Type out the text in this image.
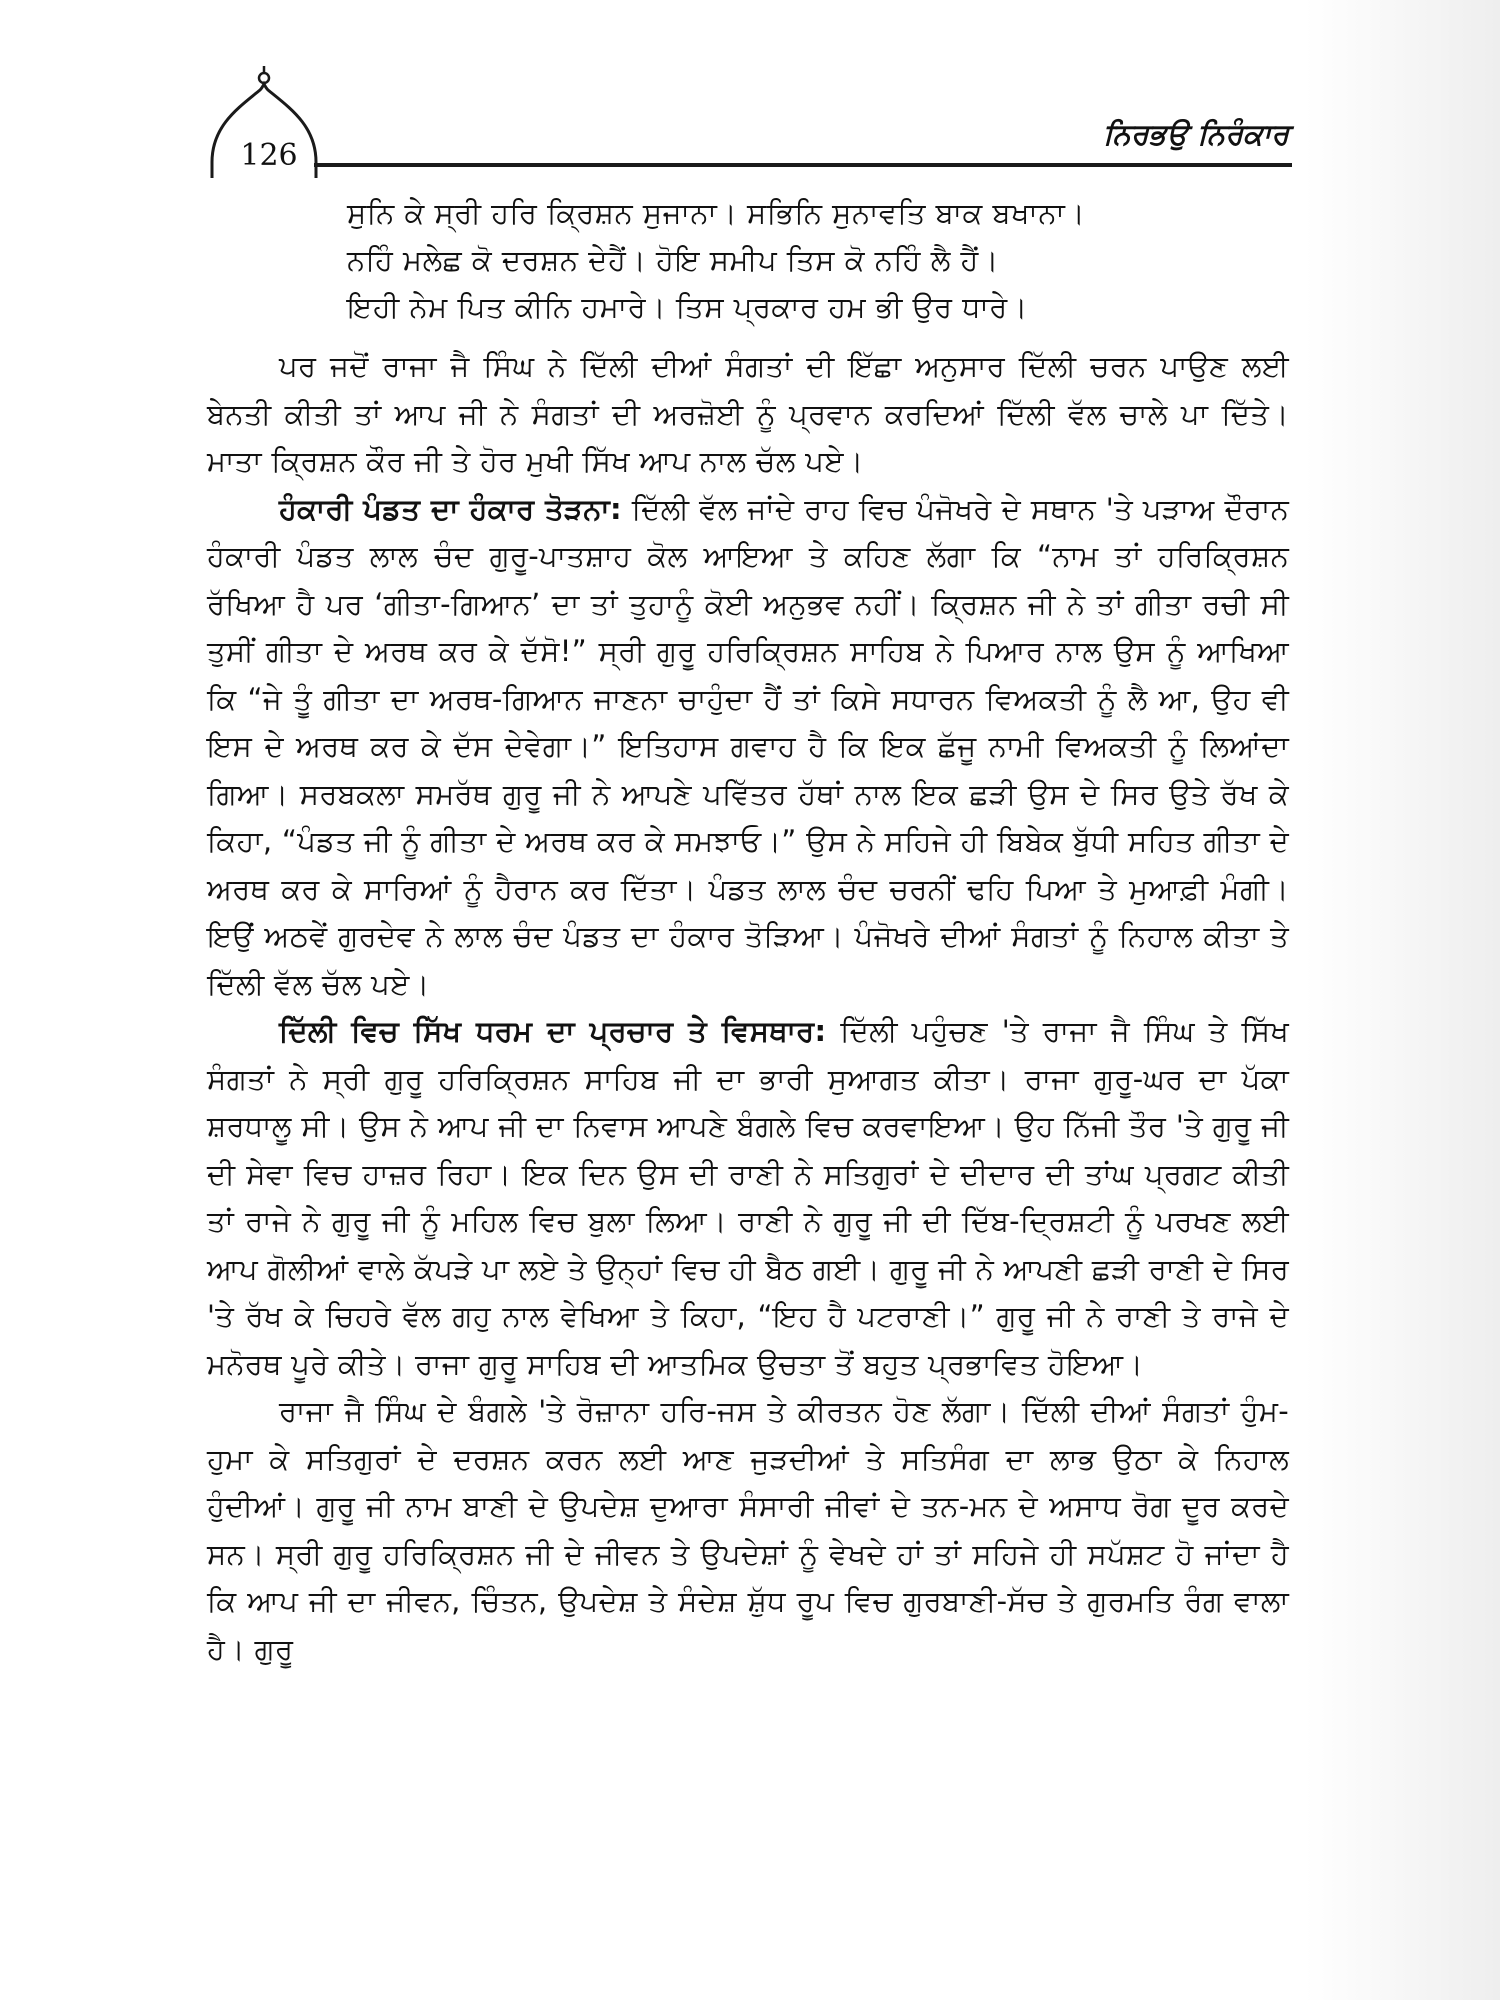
126
ਨਿਰਭਉ ਨਿਰੰਕਾਰ
ਸੁਨਿ ਕੇ ਸ੍ਰੀ ਹਰਿ ਕ੍ਰਿਸ਼ਨ ਸੁਜਾਨਾ। ਸਭਿਨਿ ਸੁਨਾਵਤਿ ਬਾਕ ਬਖਾਨਾ।
ਨਹਿੰ ਮਲੇਛ ਕੋ ਦਰਸ਼ਨ ਦੇਹੈਂ। ਹੋਇ ਸਮੀਪ ਤਿਸ ਕੋ ਨਹਿੰ ਲੈ ਹੈਂ।
ਇਹੀ ਨੇਮ ਪਿਤ ਕੀਨਿ ਹਮਾਰੇ। ਤਿਸ ਪ੍ਰਕਾਰ ਹਮ ਭੀ ਉਰ ਧਾਰੇ।

ਪਰ ਜਦੋਂ ਰਾਜਾ ਜੈ ਸਿੰਘ ਨੇ ਦਿੱਲੀ ਦੀਆਂ ਸੰਗਤਾਂ ਦੀ ਇੱਛਾ ਅਨੁਸਾਰ ਦਿੱਲੀ ਚਰਨ ਪਾਉਣ ਲਈ ਬੇਨਤੀ ਕੀਤੀ ਤਾਂ ਆਪ ਜੀ ਨੇ ਸੰਗਤਾਂ ਦੀ ਅਰਜ਼ੋਈ ਨੂੰ ਪ੍ਰਵਾਨ ਕਰਦਿਆਂ ਦਿੱਲੀ ਵੱਲ ਚਾਲੇ ਪਾ ਦਿੱਤੇ। ਮਾਤਾ ਕ੍ਰਿਸ਼ਨ ਕੌਰ ਜੀ ਤੇ ਹੋਰ ਮੁਖੀ ਸਿੱਖ ਆਪ ਨਾਲ ਚੱਲ ਪਏ।

ਹੰਕਾਰੀ ਪੰਡਤ ਦਾ ਹੰਕਾਰ ਤੋੜਨਾ: ਦਿੱਲੀ ਵੱਲ ਜਾਂਦੇ ਰਾਹ ਵਿਚ ਪੰਜੋਖਰੇ ਦੇ ਸਥਾਨ 'ਤੇ ਪੜਾਅ ਦੌਰਾਨ ਹੰਕਾਰੀ ਪੰਡਤ ਲਾਲ ਚੰਦ ਗੁਰੂ-ਪਾਤਸ਼ਾਹ ਕੋਲ ਆਇਆ ਤੇ ਕਹਿਣ ਲੱਗਾ ਕਿ “ਨਾਮ ਤਾਂ ਹਰਿਕ੍ਰਿਸ਼ਨ ਰੱਖਿਆ ਹੈ ਪਰ ‘ਗੀਤਾ-ਗਿਆਨ’ ਦਾ ਤਾਂ ਤੁਹਾਨੂੰ ਕੋਈ ਅਨੁਭਵ ਨਹੀਂ। ਕ੍ਰਿਸ਼ਨ ਜੀ ਨੇ ਤਾਂ ਗੀਤਾ ਰਚੀ ਸੀ ਤੁਸੀਂ ਗੀਤਾ ਦੇ ਅਰਥ ਕਰ ਕੇ ਦੱਸੋ!” ਸ੍ਰੀ ਗੁਰੂ ਹਰਿਕ੍ਰਿਸ਼ਨ ਸਾਹਿਬ ਨੇ ਪਿਆਰ ਨਾਲ ਉਸ ਨੂੰ ਆਖਿਆ ਕਿ “ਜੇ ਤੂੰ ਗੀਤਾ ਦਾ ਅਰਥ-ਗਿਆਨ ਜਾਣਨਾ ਚਾਹੁੰਦਾ ਹੈਂ ਤਾਂ ਕਿਸੇ ਸਧਾਰਨ ਵਿਅਕਤੀ ਨੂੰ ਲੈ ਆ, ਉਹ ਵੀ ਇਸ ਦੇ ਅਰਥ ਕਰ ਕੇ ਦੱਸ ਦੇਵੇਗਾ।” ਇਤਿਹਾਸ ਗਵਾਹ ਹੈ ਕਿ ਇਕ ਛੱਜੂ ਨਾਮੀ ਵਿਅਕਤੀ ਨੂੰ ਲਿਆਂਦਾ ਗਿਆ। ਸਰਬਕਲਾ ਸਮਰੱਥ ਗੁਰੂ ਜੀ ਨੇ ਆਪਣੇ ਪਵਿੱਤਰ ਹੱਥਾਂ ਨਾਲ ਇਕ ਛੜੀ ਉਸ ਦੇ ਸਿਰ ਉਤੇ ਰੱਖ ਕੇ ਕਿਹਾ, “ਪੰਡਤ ਜੀ ਨੂੰ ਗੀਤਾ ਦੇ ਅਰਥ ਕਰ ਕੇ ਸਮਝਾਓ।” ਉਸ ਨੇ ਸਹਿਜੇ ਹੀ ਬਿਬੇਕ ਬੁੱਧੀ ਸਹਿਤ ਗੀਤਾ ਦੇ ਅਰਥ ਕਰ ਕੇ ਸਾਰਿਆਂ ਨੂੰ ਹੈਰਾਨ ਕਰ ਦਿੱਤਾ। ਪੰਡਤ ਲਾਲ ਚੰਦ ਚਰਨੀਂ ਢਹਿ ਪਿਆ ਤੇ ਮੁਆਫ਼ੀ ਮੰਗੀ। ਇਉਂ ਅਠਵੇਂ ਗੁਰਦੇਵ ਨੇ ਲਾਲ ਚੰਦ ਪੰਡਤ ਦਾ ਹੰਕਾਰ ਤੋੜਿਆ। ਪੰਜੋਖਰੇ ਦੀਆਂ ਸੰਗਤਾਂ ਨੂੰ ਨਿਹਾਲ ਕੀਤਾ ਤੇ ਦਿੱਲੀ ਵੱਲ ਚੱਲ ਪਏ।

ਦਿੱਲੀ ਵਿਚ ਸਿੱਖ ਧਰਮ ਦਾ ਪ੍ਰਚਾਰ ਤੇ ਵਿਸਥਾਰ: ਦਿੱਲੀ ਪਹੁੰਚਣ 'ਤੇ ਰਾਜਾ ਜੈ ਸਿੰਘ ਤੇ ਸਿੱਖ ਸੰਗਤਾਂ ਨੇ ਸ੍ਰੀ ਗੁਰੂ ਹਰਿਕ੍ਰਿਸ਼ਨ ਸਾਹਿਬ ਜੀ ਦਾ ਭਾਰੀ ਸੁਆਗਤ ਕੀਤਾ। ਰਾਜਾ ਗੁਰੂ-ਘਰ ਦਾ ਪੱਕਾ ਸ਼ਰਧਾਲੂ ਸੀ। ਉਸ ਨੇ ਆਪ ਜੀ ਦਾ ਨਿਵਾਸ ਆਪਣੇ ਬੰਗਲੇ ਵਿਚ ਕਰਵਾਇਆ। ਉਹ ਨਿੱਜੀ ਤੌਰ 'ਤੇ ਗੁਰੂ ਜੀ ਦੀ ਸੇਵਾ ਵਿਚ ਹਾਜ਼ਰ ਰਿਹਾ। ਇਕ ਦਿਨ ਉਸ ਦੀ ਰਾਣੀ ਨੇ ਸਤਿਗੁਰਾਂ ਦੇ ਦੀਦਾਰ ਦੀ ਤਾਂਘ ਪ੍ਰਗਟ ਕੀਤੀ ਤਾਂ ਰਾਜੇ ਨੇ ਗੁਰੂ ਜੀ ਨੂੰ ਮਹਿਲ ਵਿਚ ਬੁਲਾ ਲਿਆ। ਰਾਣੀ ਨੇ ਗੁਰੂ ਜੀ ਦੀ ਦਿੱਬ-ਦ੍ਰਿਸ਼ਟੀ ਨੂੰ ਪਰਖਣ ਲਈ ਆਪ ਗੋਲੀਆਂ ਵਾਲੇ ਕੱਪੜੇ ਪਾ ਲਏ ਤੇ ਉਨ੍ਹਾਂ ਵਿਚ ਹੀ ਬੈਠ ਗਈ। ਗੁਰੂ ਜੀ ਨੇ ਆਪਣੀ ਛੜੀ ਰਾਣੀ ਦੇ ਸਿਰ 'ਤੇ ਰੱਖ ਕੇ ਚਿਹਰੇ ਵੱਲ ਗਹੁ ਨਾਲ ਵੇਖਿਆ ਤੇ ਕਿਹਾ, “ਇਹ ਹੈ ਪਟਰਾਣੀ।” ਗੁਰੂ ਜੀ ਨੇ ਰਾਣੀ ਤੇ ਰਾਜੇ ਦੇ ਮਨੋਰਥ ਪੂਰੇ ਕੀਤੇ। ਰਾਜਾ ਗੁਰੂ ਸਾਹਿਬ ਦੀ ਆਤਮਿਕ ਉਚਤਾ ਤੋਂ ਬਹੁਤ ਪ੍ਰਭਾਵਿਤ ਹੋਇਆ।

ਰਾਜਾ ਜੈ ਸਿੰਘ ਦੇ ਬੰਗਲੇ 'ਤੇ ਰੋਜ਼ਾਨਾ ਹਰਿ-ਜਸ ਤੇ ਕੀਰਤਨ ਹੋਣ ਲੱਗਾ। ਦਿੱਲੀ ਦੀਆਂ ਸੰਗਤਾਂ ਹੁੰਮ-ਹੁਮਾ ਕੇ ਸਤਿਗੁਰਾਂ ਦੇ ਦਰਸ਼ਨ ਕਰਨ ਲਈ ਆਣ ਜੁੜਦੀਆਂ ਤੇ ਸਤਿਸੰਗ ਦਾ ਲਾਭ ਉਠਾ ਕੇ ਨਿਹਾਲ ਹੁੰਦੀਆਂ। ਗੁਰੂ ਜੀ ਨਾਮ ਬਾਣੀ ਦੇ ਉਪਦੇਸ਼ ਦੁਆਰਾ ਸੰਸਾਰੀ ਜੀਵਾਂ ਦੇ ਤਨ-ਮਨ ਦੇ ਅਸਾਧ ਰੋਗ ਦੂਰ ਕਰਦੇ ਸਨ। ਸ੍ਰੀ ਗੁਰੂ ਹਰਿਕ੍ਰਿਸ਼ਨ ਜੀ ਦੇ ਜੀਵਨ ਤੇ ਉਪਦੇਸ਼ਾਂ ਨੂੰ ਵੇਖਦੇ ਹਾਂ ਤਾਂ ਸਹਿਜੇ ਹੀ ਸਪੱਸ਼ਟ ਹੋ ਜਾਂਦਾ ਹੈ ਕਿ ਆਪ ਜੀ ਦਾ ਜੀਵਨ, ਚਿੰਤਨ, ਉਪਦੇਸ਼ ਤੇ ਸੰਦੇਸ਼ ਸ਼ੁੱਧ ਰੂਪ ਵਿਚ ਗੁਰਬਾਣੀ-ਸੱਚ ਤੇ ਗੁਰਮਤਿ ਰੰਗ ਵਾਲਾ ਹੈ। ਗੁਰੂ
